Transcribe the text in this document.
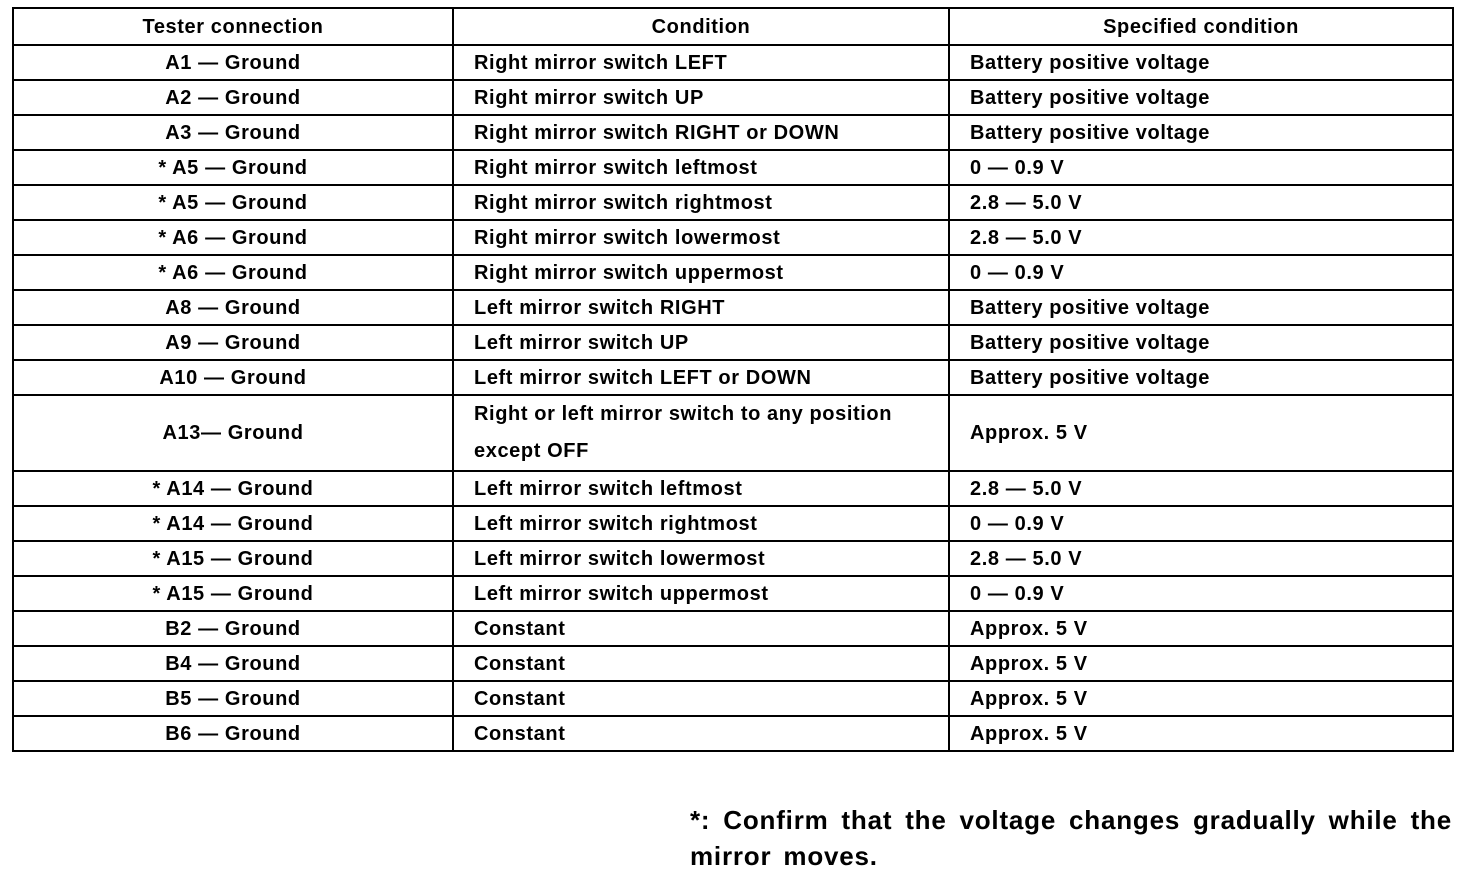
Tester connection	Condition	Specified condition
A1 — Ground	Right mirror switch LEFT	Battery positive voltage
A2 — Ground	Right mirror switch UP	Battery positive voltage
A3 — Ground	Right mirror switch RIGHT or DOWN	Battery positive voltage
* A5 — Ground	Right mirror switch leftmost	0 — 0.9 V
* A5 — Ground	Right mirror switch rightmost	2.8 — 5.0 V
* A6 — Ground	Right mirror switch lowermost	2.8 — 5.0 V
* A6 — Ground	Right mirror switch uppermost	0 — 0.9 V
A8 — Ground	Left mirror switch RIGHT	Battery positive voltage
A9 — Ground	Left mirror switch UP	Battery positive voltage
A10 — Ground	Left mirror switch LEFT or DOWN	Battery positive voltage
A13— Ground	Right or left mirror switch to any position except OFF	Approx. 5 V
* A14 — Ground	Left mirror switch leftmost	2.8 — 5.0 V
* A14 — Ground	Left mirror switch rightmost	0 — 0.9 V
* A15 — Ground	Left mirror switch lowermost	2.8 — 5.0 V
* A15 — Ground	Left mirror switch uppermost	0 — 0.9 V
B2 — Ground	Constant	Approx. 5 V
B4 — Ground	Constant	Approx. 5 V
B5 — Ground	Constant	Approx. 5 V
B6 — Ground	Constant	Approx. 5 V
*: Confirm that the voltage changes gradually while the mirror moves.
